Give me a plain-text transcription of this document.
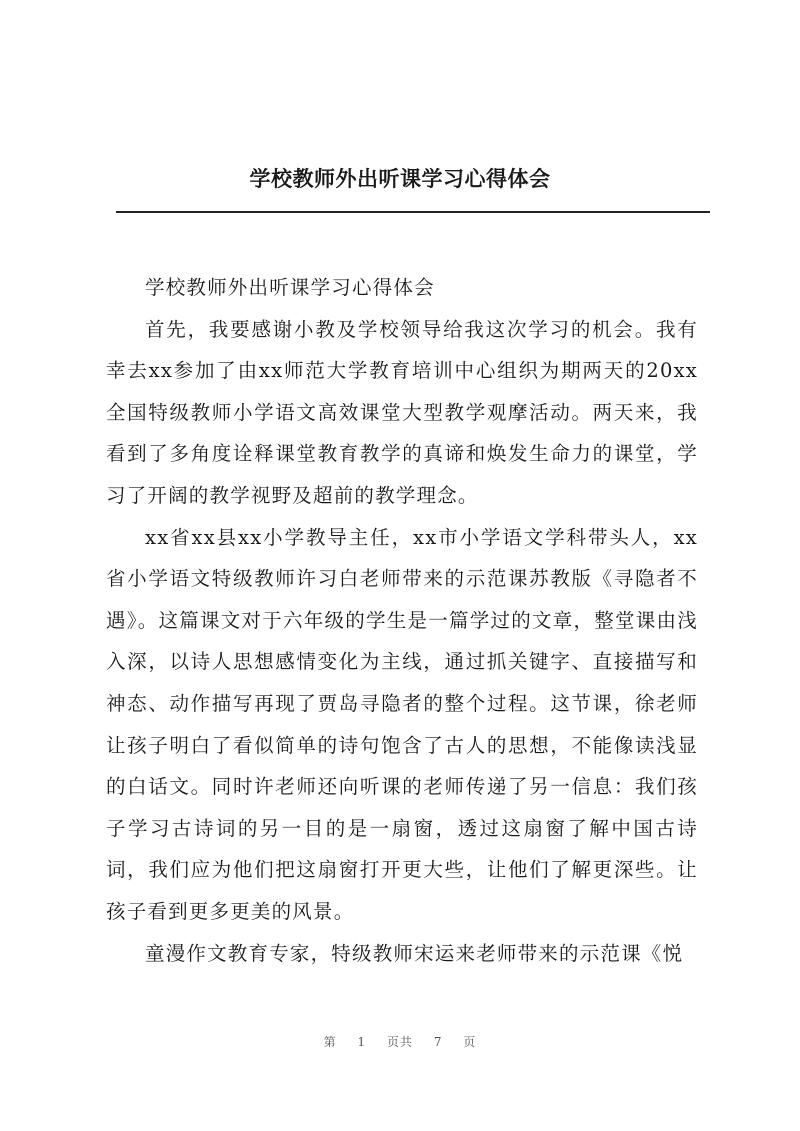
学校教师外出听课学习心得体会

学校教师外出听课学习心得体会

首先，我要感谢小教及学校领导给我这次学习的机会。我有幸去xx参加了由xx师范大学教育培训中心组织为期两天的20xx全国特级教师小学语文高效课堂大型教学观摩活动。两天来，我看到了多角度诠释课堂教育教学的真谛和焕发生命力的课堂，学习了开阔的教学视野及超前的教学理念。

xx省xx县xx小学教导主任，xx市小学语文学科带头人，xx省小学语文特级教师许习白老师带来的示范课苏教版《寻隐者不遇》。这篇课文对于六年级的学生是一篇学过的文章，整堂课由浅入深，以诗人思想感情变化为主线，通过抓关键字、直接描写和神态、动作描写再现了贾岛寻隐者的整个过程。这节课，徐老师让孩子明白了看似简单的诗句饱含了古人的思想，不能像读浅显的白话文。同时许老师还向听课的老师传递了另一信息：我们孩子学习古诗词的另一目的是一扇窗，透过这扇窗了解中国古诗词，我们应为他们把这扇窗打开更大些，让他们了解更深些。让孩子看到更多更美的风景。

童漫作文教育专家，特级教师宋运来老师带来的示范课《悦

第 1 页共 7 页
